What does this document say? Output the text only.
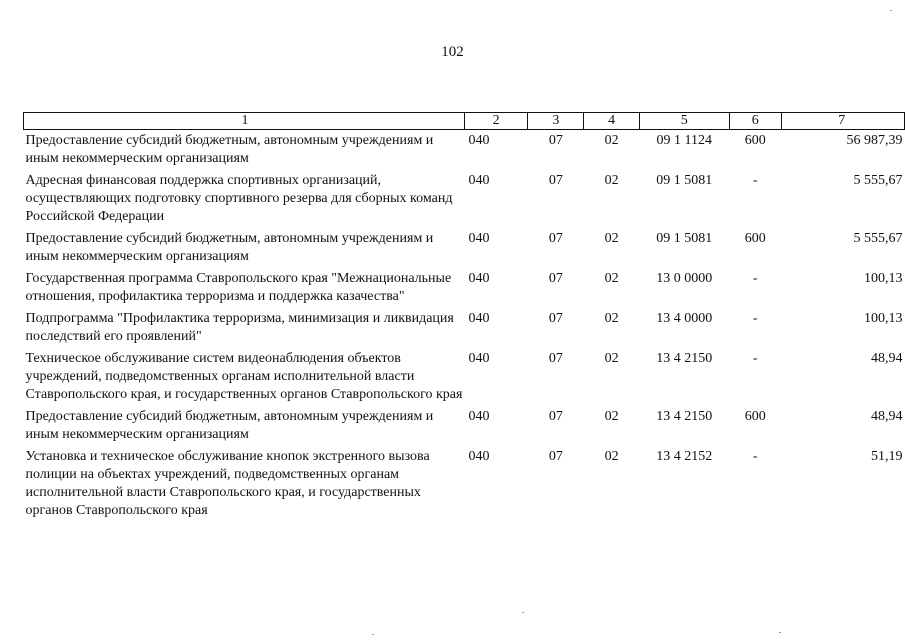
102
1	2	3	4	5	6	7
Предоставление субсидий бюджетным, автономным учреждениям и иным некоммерческим организациям	040	07	02	09 1 1124	600	56 987,39
Адресная финансовая поддержка спортивных организаций, осуществляющих подготовку спортивного резерва для сборных команд Российской Федерации	040	07	02	09 1 5081	-	5 555,67
Предоставление субсидий бюджетным, автономным учреждениям и иным некоммерческим организациям	040	07	02	09 1 5081	600	5 555,67
Государственная программа Ставропольского края "Межнациональные отношения, профилактика терроризма и поддержка казачества"	040	07	02	13 0 0000	-	100,13
Подпрограмма "Профилактика терроризма, минимизация и ликвидация последствий его проявлений"	040	07	02	13 4 0000	-	100,13
Техническое обслуживание систем видеонаблюдения объектов учреждений, подведомственных органам исполнительной власти Ставропольского края, и государственных органов Ставропольского края	040	07	02	13 4 2150	-	48,94
Предоставление субсидий бюджетным, автономным учреждениям и иным некоммерческим организациям	040	07	02	13 4 2150	600	48,94
Установка и техническое обслуживание кнопок экстренного вызова полиции на объектах учреждений, подведомственных органам исполнительной власти Ставропольского края, и государственных органов Ставропольского края	040	07	02	13 4 2152	-	51,19
